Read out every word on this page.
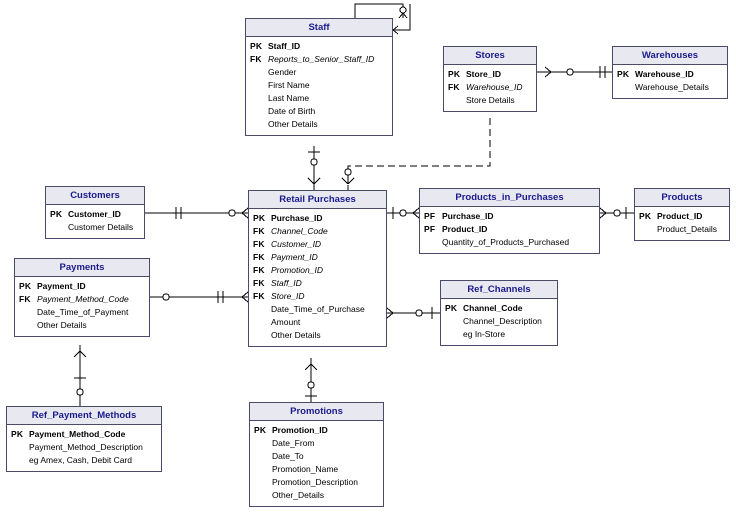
Staff
PK Staff_ID
FK Reports_to_Senior_Staff_ID
Gender
First Name
Last Name
Date of Birth
Other Details
Stores
PK Store_ID
FK Warehouse_ID
Store Details
Warehouses
PK Warehouse_ID
Warehouse_Details
Customers
PK Customer_ID
Customer Details
Retail Purchases
PK Purchase_ID
FK Channel_Code
FK Customer_ID
FK Payment_ID
FK Promotion_ID
FK Staff_ID
FK Store_ID
Date_Time_of_Purchase
Amount
Other Details
Products_in_Purchases
PF Purchase_ID
PF Product_ID
Quantity_of_Products_Purchased
Products
PK Product_ID
Product_Details
Payments
PK Payment_ID
FK Payment_Method_Code
Date_Time_of_Payment
Other Details
Ref_Channels
PK Channel_Code
Channel_Description
eg In-Store
Ref_Payment_Methods
PK Payment_Method_Code
Payment_Method_Description
eg Amex, Cash, Debit Card
Promotions
PK Promotion_ID
Date_From
Date_To
Promotion_Name
Promotion_Description
Other_Details
